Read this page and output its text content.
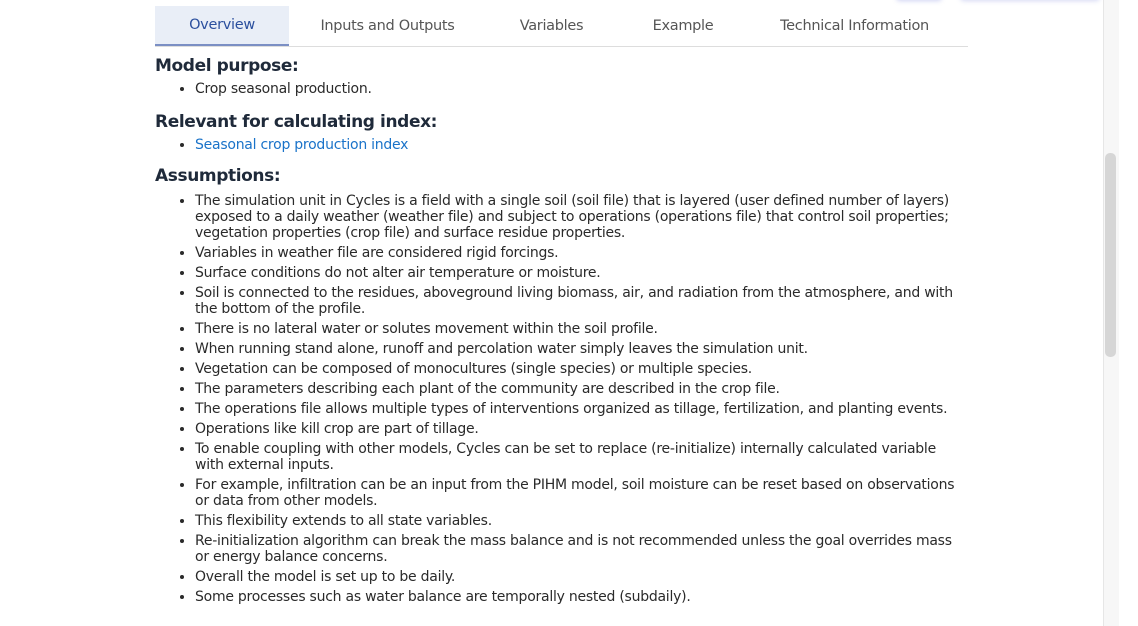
Overview	Inputs and Outputs	Variables	Example	Technical Information
Model purpose:
• Crop seasonal production.
Relevant for calculating index:
• Seasonal crop production index
Assumptions:
• The simulation unit in Cycles is a field with a single soil (soil file) that is layered (user defined number of layers) exposed to a daily weather (weather file) and subject to operations (operations file) that control soil properties; vegetation properties (crop file) and surface residue properties.
• Variables in weather file are considered rigid forcings.
• Surface conditions do not alter air temperature or moisture.
• Soil is connected to the residues, aboveground living biomass, air, and radiation from the atmosphere, and with the bottom of the profile.
• There is no lateral water or solutes movement within the soil profile.
• When running stand alone, runoff and percolation water simply leaves the simulation unit.
• Vegetation can be composed of monocultures (single species) or multiple species.
• The parameters describing each plant of the community are described in the crop file.
• The operations file allows multiple types of interventions organized as tillage, fertilization, and planting events.
• Operations like kill crop are part of tillage.
• To enable coupling with other models, Cycles can be set to replace (re-initialize) internally calculated variable with external inputs.
• For example, infiltration can be an input from the PIHM model, soil moisture can be reset based on observations or data from other models.
• This flexibility extends to all state variables.
• Re-initialization algorithm can break the mass balance and is not recommended unless the goal overrides mass or energy balance concerns.
• Overall the model is set up to be daily.
• Some processes such as water balance are temporally nested (subdaily).
